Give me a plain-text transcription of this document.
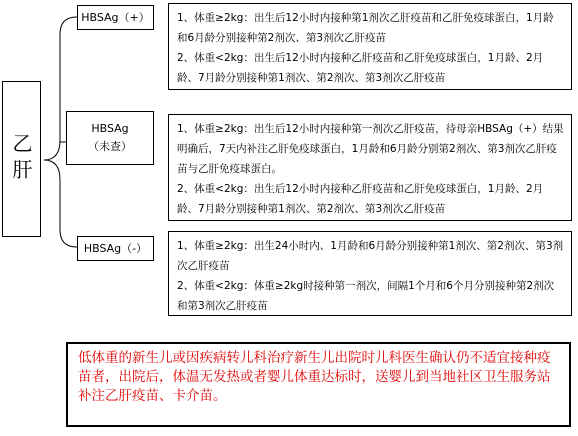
乙肝
HBSAg（+）	1、体重≥2kg：出生后12小时内接种第1剂次乙肝疫苗和乙肝免疫球蛋白，1月龄和6月龄分别接种第2剂次、第3剂次乙肝疫苗

2、体重<2kg：出生后12小时内接种乙肝疫苗和乙肝免疫球蛋白，1月龄、2月龄、7月龄分别接种第1剂次、第2剂次、第3剂次乙肝疫苗

HBSAg
（未查）

1、体重≥2kg：出生后12小时内接种第一剂次乙肝疫苗，待母亲HBSAg（+）结果明确后，7天内补注乙肝免疫球蛋白，1月龄和6月龄分别第2剂次、第3剂次乙肝疫苗与乙肝免疫球蛋白。

2、体重<2kg：出生后12小时内接种乙肝疫苗和乙肝免疫球蛋白，1月龄、2月龄、7月龄分别接种第1剂次、第2剂次、第3剂次乙肝疫苗

HBSAg（-）	1、体重≥2kg：出生24小时内、1月龄和6月龄分别接种第1剂次、第2剂次、第3剂次乙肝疫苗

2、体重<2kg：体重≥2kg时接种第一剂次，间隔1个月和6个月分别接种第2剂次和第3剂次乙肝疫苗

低体重的新生儿或因疾病转儿科治疗新生儿出院时儿科医生确认仍不适宜接种疫苗者，出院后，体温无发热或者婴儿体重达标时，送婴儿到当地社区卫生服务站补注乙肝疫苗、卡介苗。
